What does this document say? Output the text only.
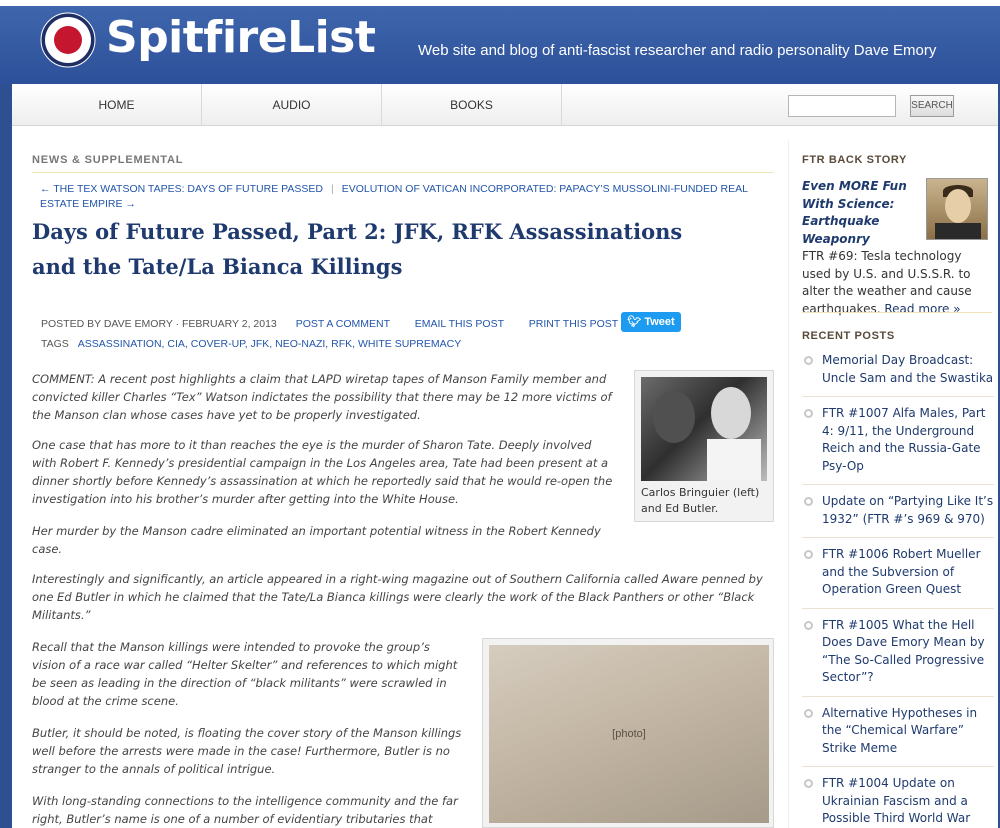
SpitfireList	Web site and blog of anti-fascist researcher and radio personality Dave Emory
HOME	AUDIO	BOOKS	SEARCH
NEWS & SUPPLEMENTAL
← THE TEX WATSON TAPES: DAYS OF FUTURE PASSED | EVOLUTION OF VATICAN INCORPORATED: PAPACY’S MUSSOLINI-FUNDED REAL ESTATE EMPIRE →
Days of Future Passed, Part 2: JFK, RFK Assassinations and the Tate/La Bianca Killings
POSTED BY DAVE EMORY · FEBRUARY 2, 2013 POST A COMMENT EMAIL THIS POST PRINT THIS POST 🐦︎ Tweet
TAGS ASSASSINATION, CIA, COVER-UP, JFK, NEO-NAZI, RFK, WHITE SUPREMACY

COMMENT: A recent post highlights a claim that LAPD wiretap tapes of Manson Family member and convicted killer Charles “Tex” Watson indictates the possibility that there may be 12 more victims of the Manson clan whose cases have yet to be properly investigated.

One case that has more to it than reaches the eye is the murder of Sharon Tate. Deeply involved with Robert F. Kennedy’s presidential campaign in the Los Angeles area, Tate had been present at a dinner shortly before Kennedy’s assassination at which he reportedly said that he would re-open the investigation into his brother’s murder after getting into the White House.

Her murder by the Manson cadre eliminated an important potential witness in the Robert Kennedy case.

Interestingly and significantly, an article appeared in a right-wing magazine out of Southern California called Aware penned by one Ed Butler in which he claimed that the Tate/La Bianca killings were clearly the work of the Black Panthers or other “Black Militants.”

Recall that the Manson killings were intended to provoke the group’s vision of a race war called “Helter Skelter” and references to which might be seen as leading in the direction of “black militants” were scrawled in blood at the crime scene.

Butler, it should be noted, is floating the cover story of the Manson killings well before the arrests were made in the case! Furthermore, Butler is no stranger to the annals of political intrigue.

With long-standing connections to the intelligence community and the far right, Butler’s name is one of a number of evidentiary tributaries that

Carlos Bringuier (left) and Ed Butler.
[photo]
FTR BACK STORY
Even MORE Fun With Science: Earthquake Weaponry
FTR #69: Tesla technology used by U.S. and U.S.S.R. to alter the weather and cause earthquakes. Read more »
RECENT POSTS
Memorial Day Broadcast: Uncle Sam and the Swastika
FTR #1007 Alfa Males, Part 4: 9/11, the Underground Reich and the Russia-Gate Psy-Op
Update on “Partying Like It’s 1932” (FTR #’s 969 & 970)
FTR #1006 Robert Mueller and the Subversion of Operation Green Quest
FTR #1005 What the Hell Does Dave Emory Mean by “The So-Called Progressive Sector”?
Alternative Hypotheses in the “Chemical Warfare” Strike Meme
FTR #1004 Update on Ukrainian Fascism and a Possible Third World War
